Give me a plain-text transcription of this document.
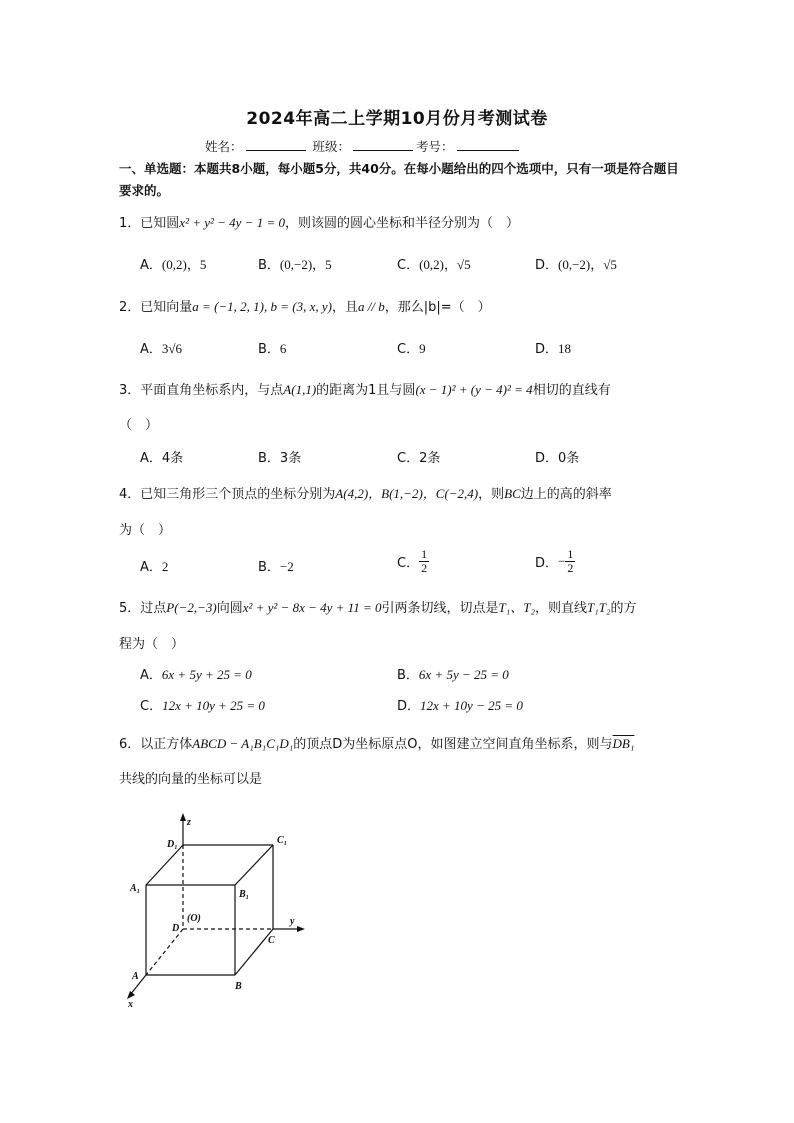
2024年高二上学期10月份月考测试卷
姓名：	班级：	考号：
一、单选题：本题共8小题，每小题5分，共40分。在每小题给出的四个选项中，只有一项是符合题目要求的。
1．已知圆x² + y² − 4y − 1 = 0，则该圆的圆心坐标和半径分别为（　）
A．(0,2)，5	B．(0,−2)，5	C．(0,2)，√5	D．(0,−2)，√5
2．已知向量a = (−1, 2, 1), b = (3, x, y)，且a // b，那么|b|=（　）
A．3√6	B．6	C．9	D．18
3．平面直角坐标系内，与点A(1,1)的距离为1且与圆(x − 1)² + (y − 4)² = 4相切的直线有
（　）
A．4条	B．3条	C．2条	D．0条
4．已知三角形三个顶点的坐标分别为A(4,2)，B(1,−2)，C(−2,4)，则BC边上的高的斜率
为（　）
A．2	B．−2	C． $\frac{1}{2}$	D．− $\frac{1}{2}$
5．过点P(−2,−3)向圆x² + y² − 8x − 4y + 11 = 0引两条切线，切点是T₁、T₂，则直线T₁T₂的方
程为（　）
A．6x + 5y + 25 = 0	B．6x + 5y − 25 = 0
C．12x + 10y + 25 = 0	D．12x + 10y − 25 = 0
6．以正方体ABCD − A₁B₁C₁D₁的顶点D为坐标原点O，如图建立空间直角坐标系，则与DB₁
共线的向量的坐标可以是
z
y
x
D₁	C₁
A₁
B₁
(O)
D
C
A
B
